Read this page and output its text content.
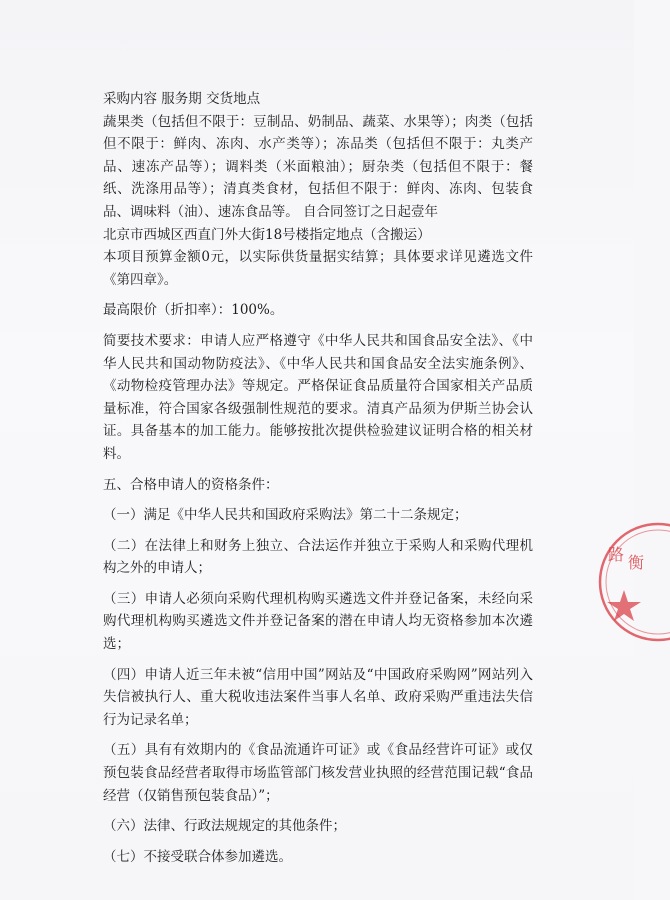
采购内容 服务期 交货地点

蔬果类（包括但不限于：豆制品、奶制品、蔬菜、水果等）；肉类（包括但不限于：鲜肉、冻肉、水产类等）；冻品类（包括但不限于：丸类产品、速冻产品等）；调料类（米面粮油）；厨杂类（包括但不限于：餐纸、洗涤用品等）；清真类食材，包括但不限于：鲜肉、冻肉、包装食品、调味料（油）、速冻食品等。 自合同签订之日起壹年

北京市西城区西直门外大街18号楼指定地点（含搬运）

本项目预算金额0元，以实际供货量据实结算；具体要求详见遴选文件《第四章》。

最高限价（折扣率）：100%。

简要技术要求：申请人应严格遵守《中华人民共和国食品安全法》、《中华人民共和国动物防疫法》、《中华人民共和国食品安全法实施条例》、《动物检疫管理办法》等规定。严格保证食品质量符合国家相关产品质量标准，符合国家各级强制性规范的要求。清真产品须为伊斯兰协会认证。具备基本的加工能力。能够按批次提供检验建议证明合格的相关材料。

五、合格申请人的资格条件：

（一）满足《中华人民共和国政府采购法》第二十二条规定；

（二）在法律上和财务上独立、合法运作并独立于采购人和采购代理机构之外的申请人；

（三）申请人必须向采购代理机构购买遴选文件并登记备案，未经向采购代理机构购买遴选文件并登记备案的潜在申请人均无资格参加本次遴选；

（四）申请人近三年未被“信用中国”网站及“中国政府采购网”网站列入失信被执行人、重大税收违法案件当事人名单、政府采购严重违法失信行为记录名单；

（五）具有有效期内的《食品流通许可证》或《食品经营许可证》或仅预包装食品经营者取得市场监管部门核发营业执照的经营范围记载“食品经营（仅销售预包装食品）”；

（六）法律、行政法规规定的其他条件；

（七）不接受联合体参加遴选。

路 衡
